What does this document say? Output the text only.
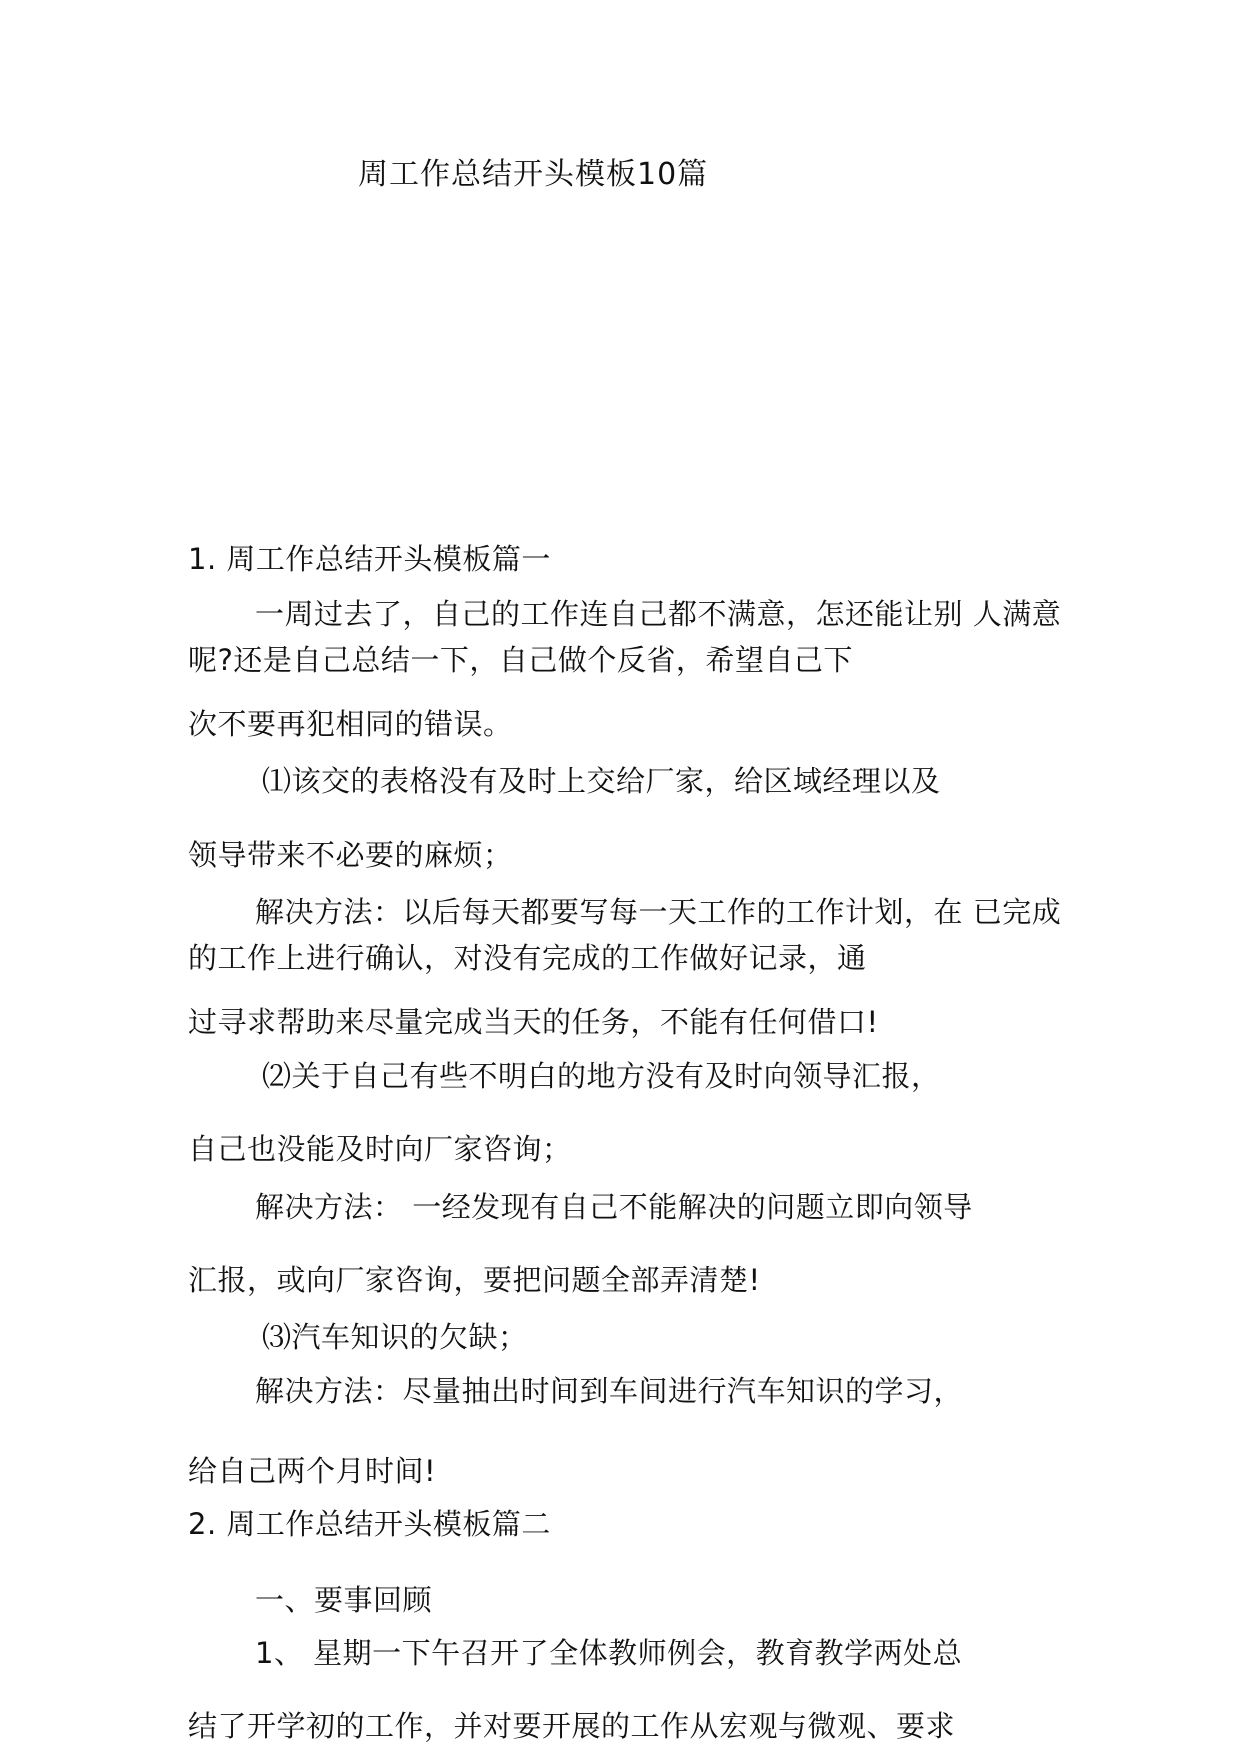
周工作总结开头模板10篇

1. 周工作总结开头模板篇一

一周过去了，自己的工作连自己都不满意，怎还能让别 人满意

呢?还是自己总结一下，自己做个反省，希望自己下

次不要再犯相同的错误。

⑴该交的表格没有及时上交给厂家，给区域经理以及

领导带来不必要的麻烦；

解决方法：以后每天都要写每一天工作的工作计划，在 已完成

的工作上进行确认，对没有完成的工作做好记录，通

过寻求帮助来尽量完成当天的任务，不能有任何借口!

⑵关于自己有些不明白的地方没有及时向领导汇报，

自己也没能及时向厂家咨询；

解决方法： 一经发现有自己不能解决的问题立即向领导

汇报，或向厂家咨询，要把问题全部弄清楚!

⑶汽车知识的欠缺；

解决方法：尽量抽出时间到车间进行汽车知识的学习，

给自己两个月时间!

2. 周工作总结开头模板篇二

一、要事回顾

1、 星期一下午召开了全体教师例会，教育教学两处总

结了开学初的工作，并对要开展的工作从宏观与微观、要求
